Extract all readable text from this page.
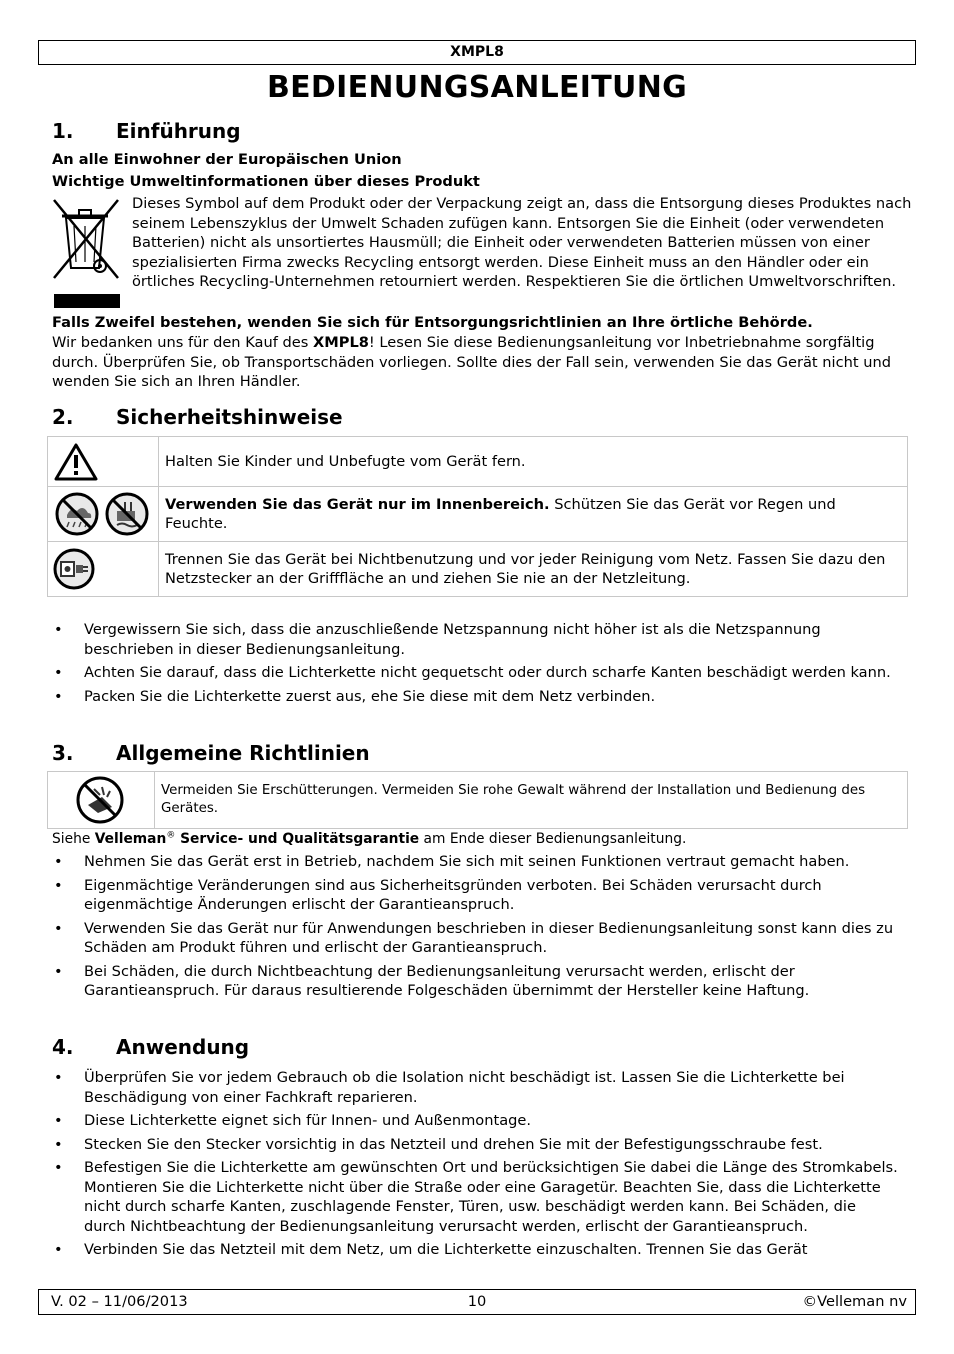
XMPL8
BEDIENUNGSANLEITUNG
1. Einführung
An alle Einwohner der Europäischen Union
Wichtige Umweltinformationen über dieses Produkt
Dieses Symbol auf dem Produkt oder der Verpackung zeigt an, dass die Entsorgung dieses Produktes nach seinem Lebenszyklus der Umwelt Schaden zufügen kann. Entsorgen Sie die Einheit (oder verwendeten Batterien) nicht als unsortiertes Hausmüll; die Einheit oder verwendeten Batterien müssen von einer spezialisierten Firma zwecks Recycling entsorgt werden. Diese Einheit muss an den Händler oder ein örtliches Recycling-Unternehmen retourniert werden. Respektieren Sie die örtlichen Umweltvorschriften.
Falls Zweifel bestehen, wenden Sie sich für Entsorgungsrichtlinien an Ihre örtliche Behörde.
Wir bedanken uns für den Kauf des XMPL8! Lesen Sie diese Bedienungsanleitung vor Inbetriebnahme sorgfältig durch. Überprüfen Sie, ob Transportschäden vorliegen. Sollte dies der Fall sein, verwenden Sie das Gerät nicht und wenden Sie sich an Ihren Händler.
2. Sicherheitshinweise
	Halten Sie Kinder und Unbefugte vom Gerät fern.

	Verwenden Sie das Gerät nur im Innenbereich. Schützen Sie das Gerät vor Regen und Feuchte.

	Trennen Sie das Gerät bei Nichtbenutzung und vor jeder Reinigung vom Netz. Fassen Sie dazu den Netzstecker an der Grifffläche an und ziehen Sie nie an der Netzleitung.
• Vergewissern Sie sich, dass die anzuschließende Netzspannung nicht höher ist als die Netzspannung beschrieben in dieser Bedienungsanleitung.
• Achten Sie darauf, dass die Lichterkette nicht gequetscht oder durch scharfe Kanten beschädigt werden kann.
• Packen Sie die Lichterkette zuerst aus, ehe Sie diese mit dem Netz verbinden.
3. Allgemeine Richtlinien
	Vermeiden Sie Erschütterungen. Vermeiden Sie rohe Gewalt während der Installation und Bedienung des Gerätes.
Siehe Velleman® Service- und Qualitätsgarantie am Ende dieser Bedienungsanleitung.
• Nehmen Sie das Gerät erst in Betrieb, nachdem Sie sich mit seinen Funktionen vertraut gemacht haben.
• Eigenmächtige Veränderungen sind aus Sicherheitsgründen verboten. Bei Schäden verursacht durch eigenmächtige Änderungen erlischt der Garantieanspruch.
• Verwenden Sie das Gerät nur für Anwendungen beschrieben in dieser Bedienungsanleitung sonst kann dies zu Schäden am Produkt führen und erlischt der Garantieanspruch.
• Bei Schäden, die durch Nichtbeachtung der Bedienungsanleitung verursacht werden, erlischt der Garantieanspruch. Für daraus resultierende Folgeschäden übernimmt der Hersteller keine Haftung.
4. Anwendung
• Überprüfen Sie vor jedem Gebrauch ob die Isolation nicht beschädigt ist. Lassen Sie die Lichterkette bei Beschädigung von einer Fachkraft reparieren.
• Diese Lichterkette eignet sich für Innen- und Außenmontage.
• Stecken Sie den Stecker vorsichtig in das Netzteil und drehen Sie mit der Befestigungsschraube fest.
• Befestigen Sie die Lichterkette am gewünschten Ort und berücksichtigen Sie dabei die Länge des Stromkabels. Montieren Sie die Lichterkette nicht über die Straße oder eine Garagetür. Beachten Sie, dass die Lichterkette nicht durch scharfe Kanten, zuschlagende Fenster, Türen, usw. beschädigt werden kann. Bei Schäden, die durch Nichtbeachtung der Bedienungsanleitung verursacht werden, erlischt der Garantieanspruch.
• Verbinden Sie das Netzteil mit dem Netz, um die Lichterkette einzuschalten. Trennen Sie das Gerät
10
V. 02 – 11/06/2013	©Velleman nv
